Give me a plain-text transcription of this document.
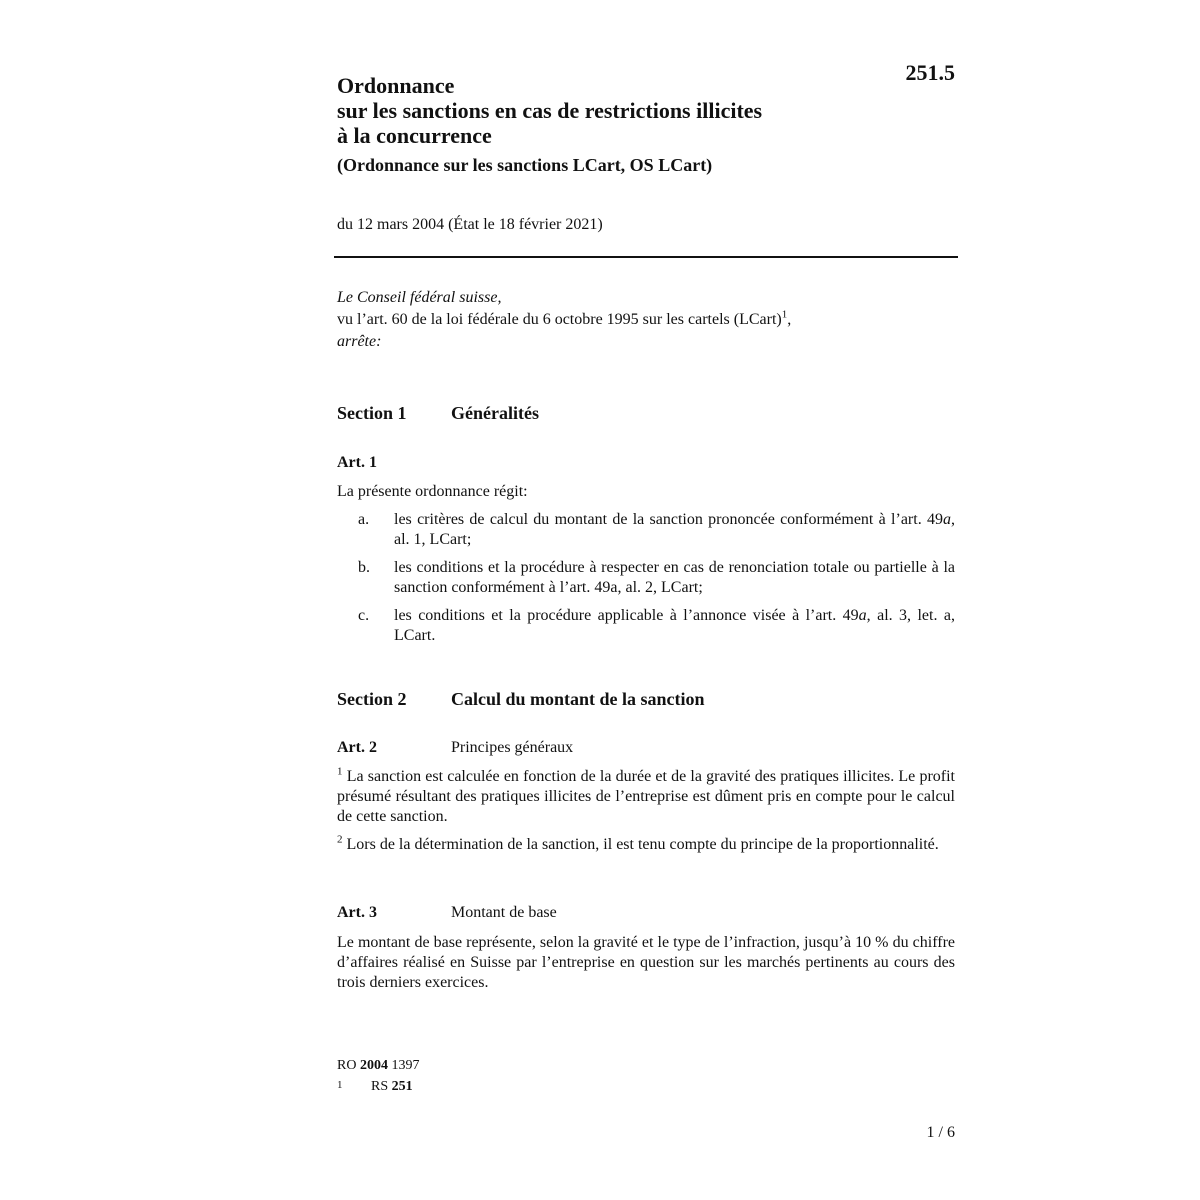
251.5
Ordonnance
sur les sanctions en cas de restrictions illicites
à la concurrence
(Ordonnance sur les sanctions LCart, OS LCart)
du 12 mars 2004 (État le 18 février 2021)
Le Conseil fédéral suisse,
vu l’art. 60 de la loi fédérale du 6 octobre 1995 sur les cartels (LCart)$^1$,
arrête:
Section 1 Généralités
Art. 1
La présente ordonnance régit:
a. les critères de calcul du montant de la sanction prononcée conformément à l’art. 49a, al. 1, LCart;
b. les conditions et la procédure à respecter en cas de renonciation totale ou partielle à la sanction conformément à l’art. 49a, al. 2, LCart;
c. les conditions et la procédure applicable à l’annonce visée à l’art. 49a, al. 3, let. a, LCart.
Section 2 Calcul du montant de la sanction
Art. 2	Principes généraux
$^1$ La sanction est calculée en fonction de la durée et de la gravité des pratiques illicites. Le profit présumé résultant des pratiques illicites de l’entreprise est dûment pris en compte pour le calcul de cette sanction.
$^2$ Lors de la détermination de la sanction, il est tenu compte du principe de la proportionnalité.
Art. 3	Montant de base
Le montant de base représente, selon la gravité et le type de l’infraction, jusqu’à 10 % du chiffre d’affaires réalisé en Suisse par l’entreprise en question sur les marchés pertinents au cours des trois derniers exercices.
RO 2004 1397
1 RS 251
1 / 6
